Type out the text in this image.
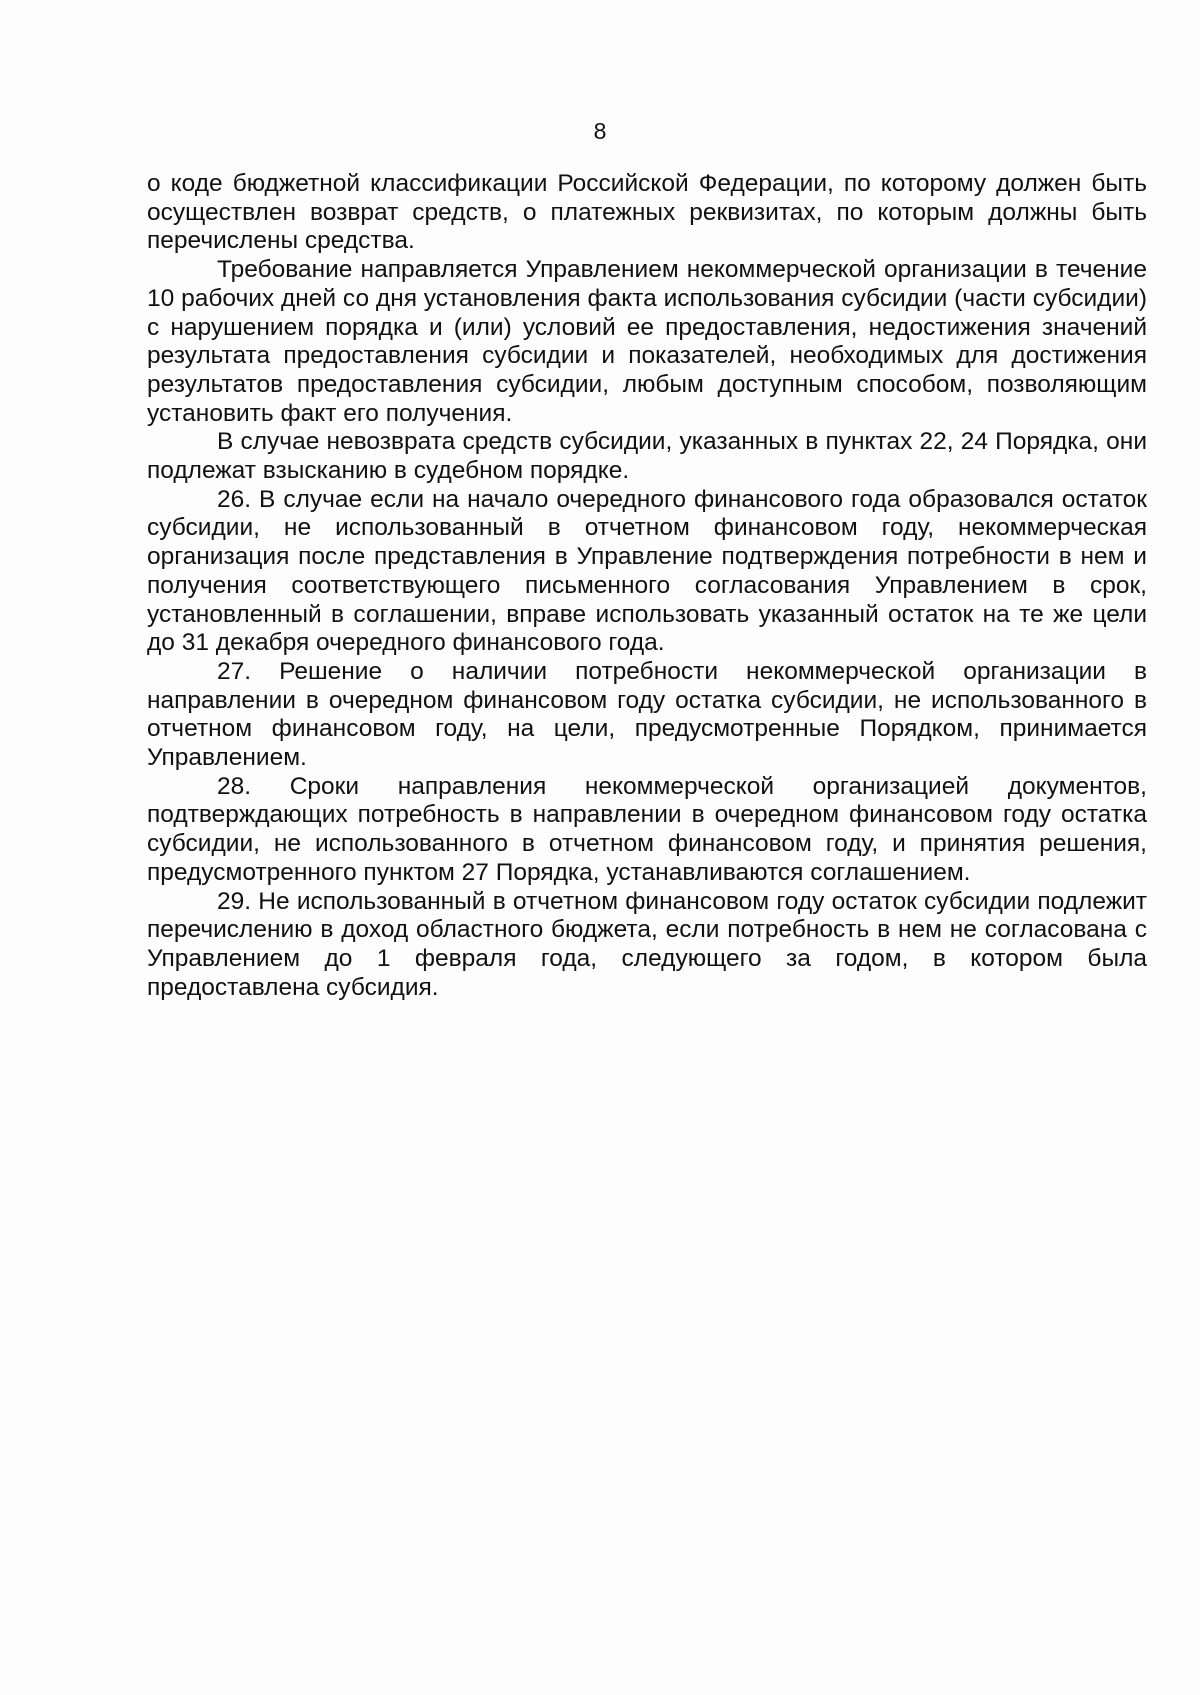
8

о коде бюджетной классификации Российской Федерации, по которому должен быть осуществлен возврат средств, о платежных реквизитах, по которым должны быть перечислены средства.

Требование направляется Управлением некоммерческой организации в течение 10 рабочих дней со дня установления факта использования субсидии (части субсидии) с нарушением порядка и (или) условий ее предоставления, недостижения значений результата предоставления субсидии и показателей, необходимых для достижения результатов предоставления субсидии, любым доступным способом, позволяющим установить факт его получения.

В случае невозврата средств субсидии, указанных в пунктах 22, 24 Порядка, они подлежат взысканию в судебном порядке.

26. В случае если на начало очередного финансового года образовался остаток субсидии, не использованный в отчетном финансовом году, некоммерческая организация после представления в Управление подтверждения потребности в нем и получения соответствующего письменного согласования Управлением в срок, установленный в соглашении, вправе использовать указанный остаток на те же цели до 31 декабря очередного финансового года.

27. Решение о наличии потребности некоммерческой организации в направлении в очередном финансовом году остатка субсидии, не использованного в отчетном финансовом году, на цели, предусмотренные Порядком, принимается Управлением.

28. Сроки направления некоммерческой организацией документов, подтверждающих потребность в направлении в очередном финансовом году остатка субсидии, не использованного в отчетном финансовом году, и принятия решения, предусмотренного пунктом 27 Порядка, устанавливаются соглашением.

29. Не использованный в отчетном финансовом году остаток субсидии подлежит перечислению в доход областного бюджета, если потребность в нем не согласована с Управлением до 1 февраля года, следующего за годом, в котором была предоставлена субсидия.
